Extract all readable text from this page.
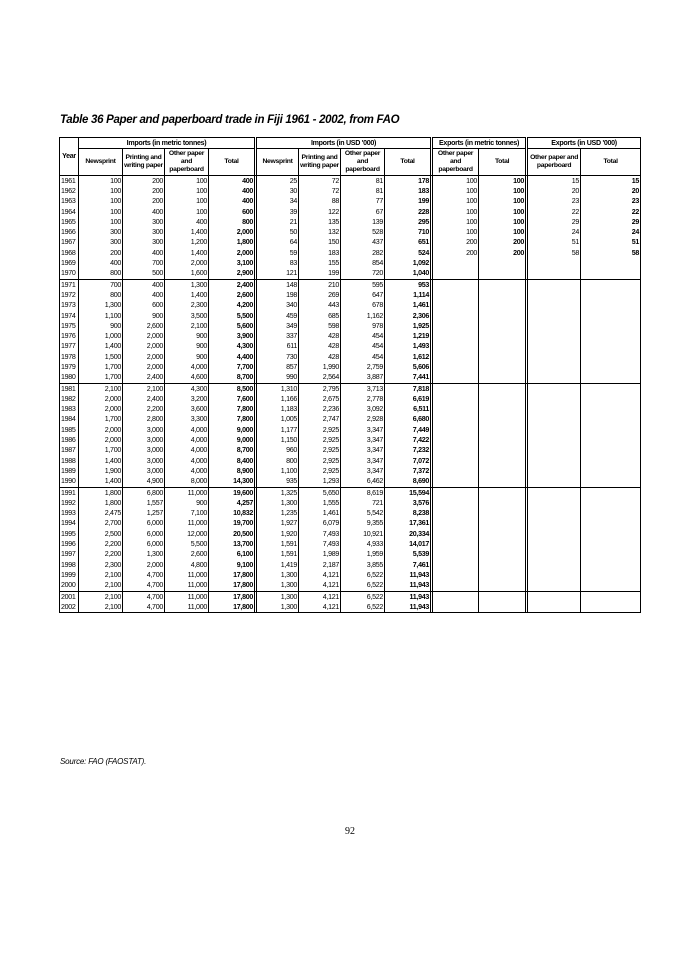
Table 36 Paper and paperboard trade in Fiji 1961 - 2002, from FAO
Year	Imports (in metric tonnes)					Imports (in USD '000)					Exports (in metric tonnes)			Exports (in USD '000)	
	Newsprint	Printing and writing paper	Other paper and paperboard	Total		Newsprint	Printing and writing paper	Other paper and paperboard	Total		Other paper and paperboard	Total		Other paper and paperboard	Total
1961	100	200	100	400		25	72	81	178		100	100		15	15
1962	100	200	100	400		30	72	81	183		100	100		20	20
1963	100	200	100	400		34	88	77	199		100	100		23	23
1964	100	400	100	600		39	122	67	228		100	100		22	22
1965	100	300	400	800		21	135	139	295		100	100		29	29
1966	300	300	1,400	2,000		50	132	528	710		100	100		24	24
1967	300	300	1,200	1,800		64	150	437	651		200	200		51	51
1968	200	400	1,400	2,000		59	183	282	524		200	200		58	58
1969	400	700	2,000	3,100		83	155	854	1,092						
1970	800	500	1,600	2,900		121	199	720	1,040						
1971	700	400	1,300	2,400		148	210	595	953						
1972	800	400	1,400	2,600		198	269	647	1,114						
1973	1,300	600	2,300	4,200		340	443	678	1,461						
1974	1,100	900	3,500	5,500		459	685	1,162	2,306						
1975	900	2,600	2,100	5,600		349	598	978	1,925						
1976	1,000	2,000	900	3,900		337	428	454	1,219						
1977	1,400	2,000	900	4,300		611	428	454	1,493						
1978	1,500	2,000	900	4,400		730	428	454	1,612						
1979	1,700	2,000	4,000	7,700		857	1,990	2,759	5,606						
1980	1,700	2,400	4,600	8,700		990	2,564	3,887	7,441						
1981	2,100	2,100	4,300	8,500		1,310	2,795	3,713	7,818						
1982	2,000	2,400	3,200	7,600		1,166	2,675	2,778	6,619						
1983	2,000	2,200	3,600	7,800		1,183	2,236	3,092	6,511						
1984	1,700	2,800	3,300	7,800		1,005	2,747	2,928	6,680						
1985	2,000	3,000	4,000	9,000		1,177	2,925	3,347	7,449						
1986	2,000	3,000	4,000	9,000		1,150	2,925	3,347	7,422						
1987	1,700	3,000	4,000	8,700		960	2,925	3,347	7,232						
1988	1,400	3,000	4,000	8,400		800	2,925	3,347	7,072						
1989	1,900	3,000	4,000	8,900		1,100	2,925	3,347	7,372						
1990	1,400	4,900	8,000	14,300		935	1,293	6,462	8,690						
1991	1,800	6,800	11,000	19,600		1,325	5,650	8,619	15,594						
1992	1,800	1,557	900	4,257		1,300	1,555	721	3,576						
1993	2,475	1,257	7,100	10,832		1,235	1,461	5,542	8,238						
1994	2,700	6,000	11,000	19,700		1,927	6,079	9,355	17,361						
1995	2,500	6,000	12,000	20,500		1,920	7,493	10,921	20,334						
1996	2,200	6,000	5,500	13,700		1,591	7,493	4,933	14,017						
1997	2,200	1,300	2,600	6,100		1,591	1,989	1,959	5,539						
1998	2,300	2,000	4,800	9,100		1,419	2,187	3,855	7,461						
1999	2,100	4,700	11,000	17,800		1,300	4,121	6,522	11,943						
2000	2,100	4,700	11,000	17,800		1,300	4,121	6,522	11,943						
2001	2,100	4,700	11,000	17,800		1,300	4,121	6,522	11,943						
2002	2,100	4,700	11,000	17,800		1,300	4,121	6,522	11,943						
Source: FAO (FAOSTAT).
92
